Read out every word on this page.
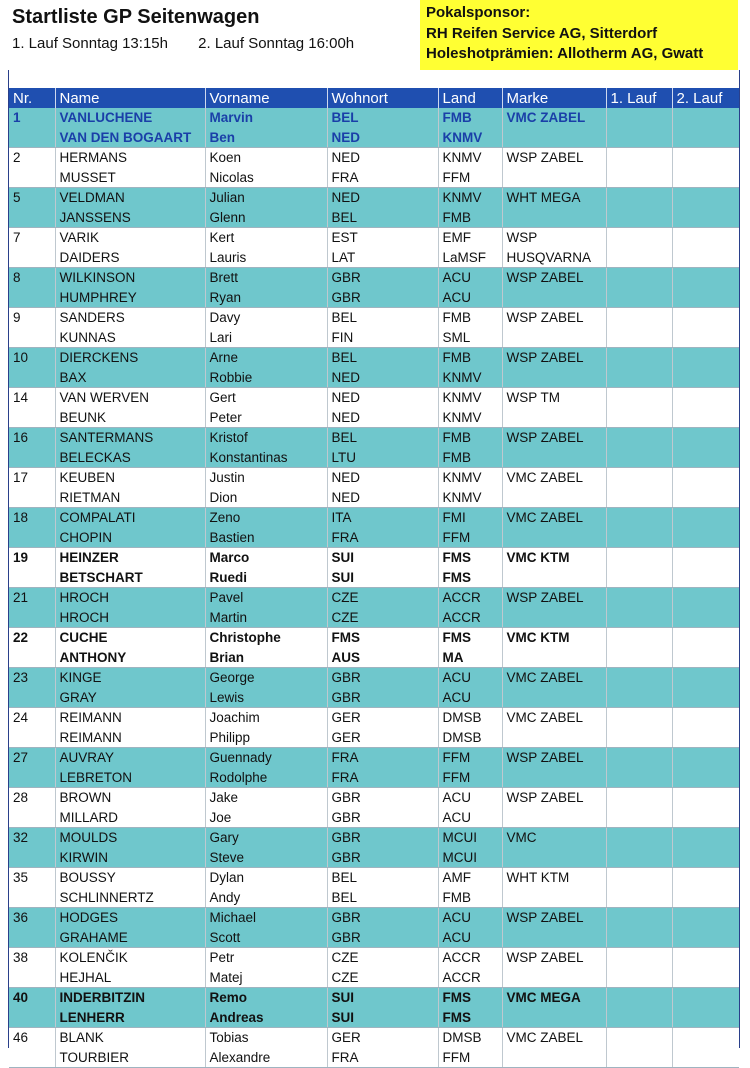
Startliste GP Seitenwagen
1. Lauf Sonntag 13:15h 2. Lauf Sonntag 16:00h
Pokalsponsor:
RH Reifen Service AG, Sitterdorf
Holeshotprämien: Allotherm AG, Gwatt
Nr.	Name	Vorname	Wohnort	Land	Marke	1. Lauf	2. Lauf
1	VANLUCHENE	Marvin	BEL	FMB	VMC ZABEL		
	VAN DEN BOGAART	Ben	NED	KNMV			
2	HERMANS	Koen	NED	KNMV	WSP ZABEL		
	MUSSET	Nicolas	FRA	FFM			
5	VELDMAN	Julian	NED	KNMV	WHT MEGA		
	JANSSENS	Glenn	BEL	FMB			
7	VARIK	Kert	EST	EMF	WSP		
	DAIDERS	Lauris	LAT	LaMSF	HUSQVARNA		
8	WILKINSON	Brett	GBR	ACU	WSP ZABEL		
	HUMPHREY	Ryan	GBR	ACU			
9	SANDERS	Davy	BEL	FMB	WSP ZABEL		
	KUNNAS	Lari	FIN	SML			
10	DIERCKENS	Arne	BEL	FMB	WSP ZABEL		
	BAX	Robbie	NED	KNMV			
14	VAN WERVEN	Gert	NED	KNMV	WSP TM		
	BEUNK	Peter	NED	KNMV			
16	SANTERMANS	Kristof	BEL	FMB	WSP ZABEL		
	BELECKAS	Konstantinas	LTU	FMB			
17	KEUBEN	Justin	NED	KNMV	VMC ZABEL		
	RIETMAN	Dion	NED	KNMV			
18	COMPALATI	Zeno	ITA	FMI	VMC ZABEL		
	CHOPIN	Bastien	FRA	FFM			
19	HEINZER	Marco	SUI	FMS	VMC KTM		
	BETSCHART	Ruedi	SUI	FMS			
21	HROCH	Pavel	CZE	ACCR	WSP ZABEL		
	HROCH	Martin	CZE	ACCR			
22	CUCHE	Christophe	FMS	FMS	VMC KTM		
	ANTHONY	Brian	AUS	MA			
23	KINGE	George	GBR	ACU	VMC ZABEL		
	GRAY	Lewis	GBR	ACU			
24	REIMANN	Joachim	GER	DMSB	VMC ZABEL		
	REIMANN	Philipp	GER	DMSB			
27	AUVRAY	Guennady	FRA	FFM	WSP ZABEL		
	LEBRETON	Rodolphe	FRA	FFM			
28	BROWN	Jake	GBR	ACU	WSP ZABEL		
	MILLARD	Joe	GBR	ACU			
32	MOULDS	Gary	GBR	MCUI	VMC		
	KIRWIN	Steve	GBR	MCUI			
35	BOUSSY	Dylan	BEL	AMF	WHT KTM		
	SCHLINNERTZ	Andy	BEL	FMB			
36	HODGES	Michael	GBR	ACU	WSP ZABEL		
	GRAHAME	Scott	GBR	ACU			
38	KOLENČIK	Petr	CZE	ACCR	WSP ZABEL		
	HEJHAL	Matej	CZE	ACCR			
40	INDERBITZIN	Remo	SUI	FMS	VMC MEGA		
	LENHERR	Andreas	SUI	FMS			
46	BLANK	Tobias	GER	DMSB	VMC ZABEL		
	TOURBIER	Alexandre	FRA	FFM			
